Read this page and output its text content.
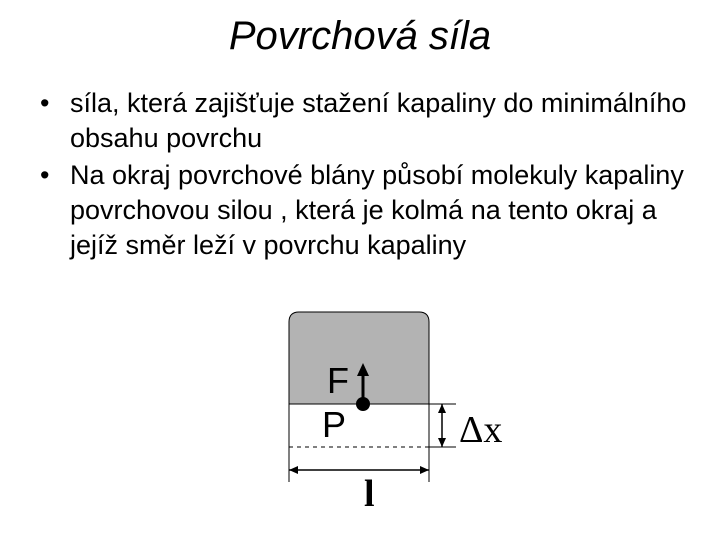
Povrchová síla
• síla, která zajišťuje stažení kapaliny do minimálního obsahu povrchu
• Na okraj povrchové blány působí molekuly kapaliny povrchovou silou , která je kolmá na tento okraj a jejíž směr leží v povrchu kapaliny
F
P	Δx
l
